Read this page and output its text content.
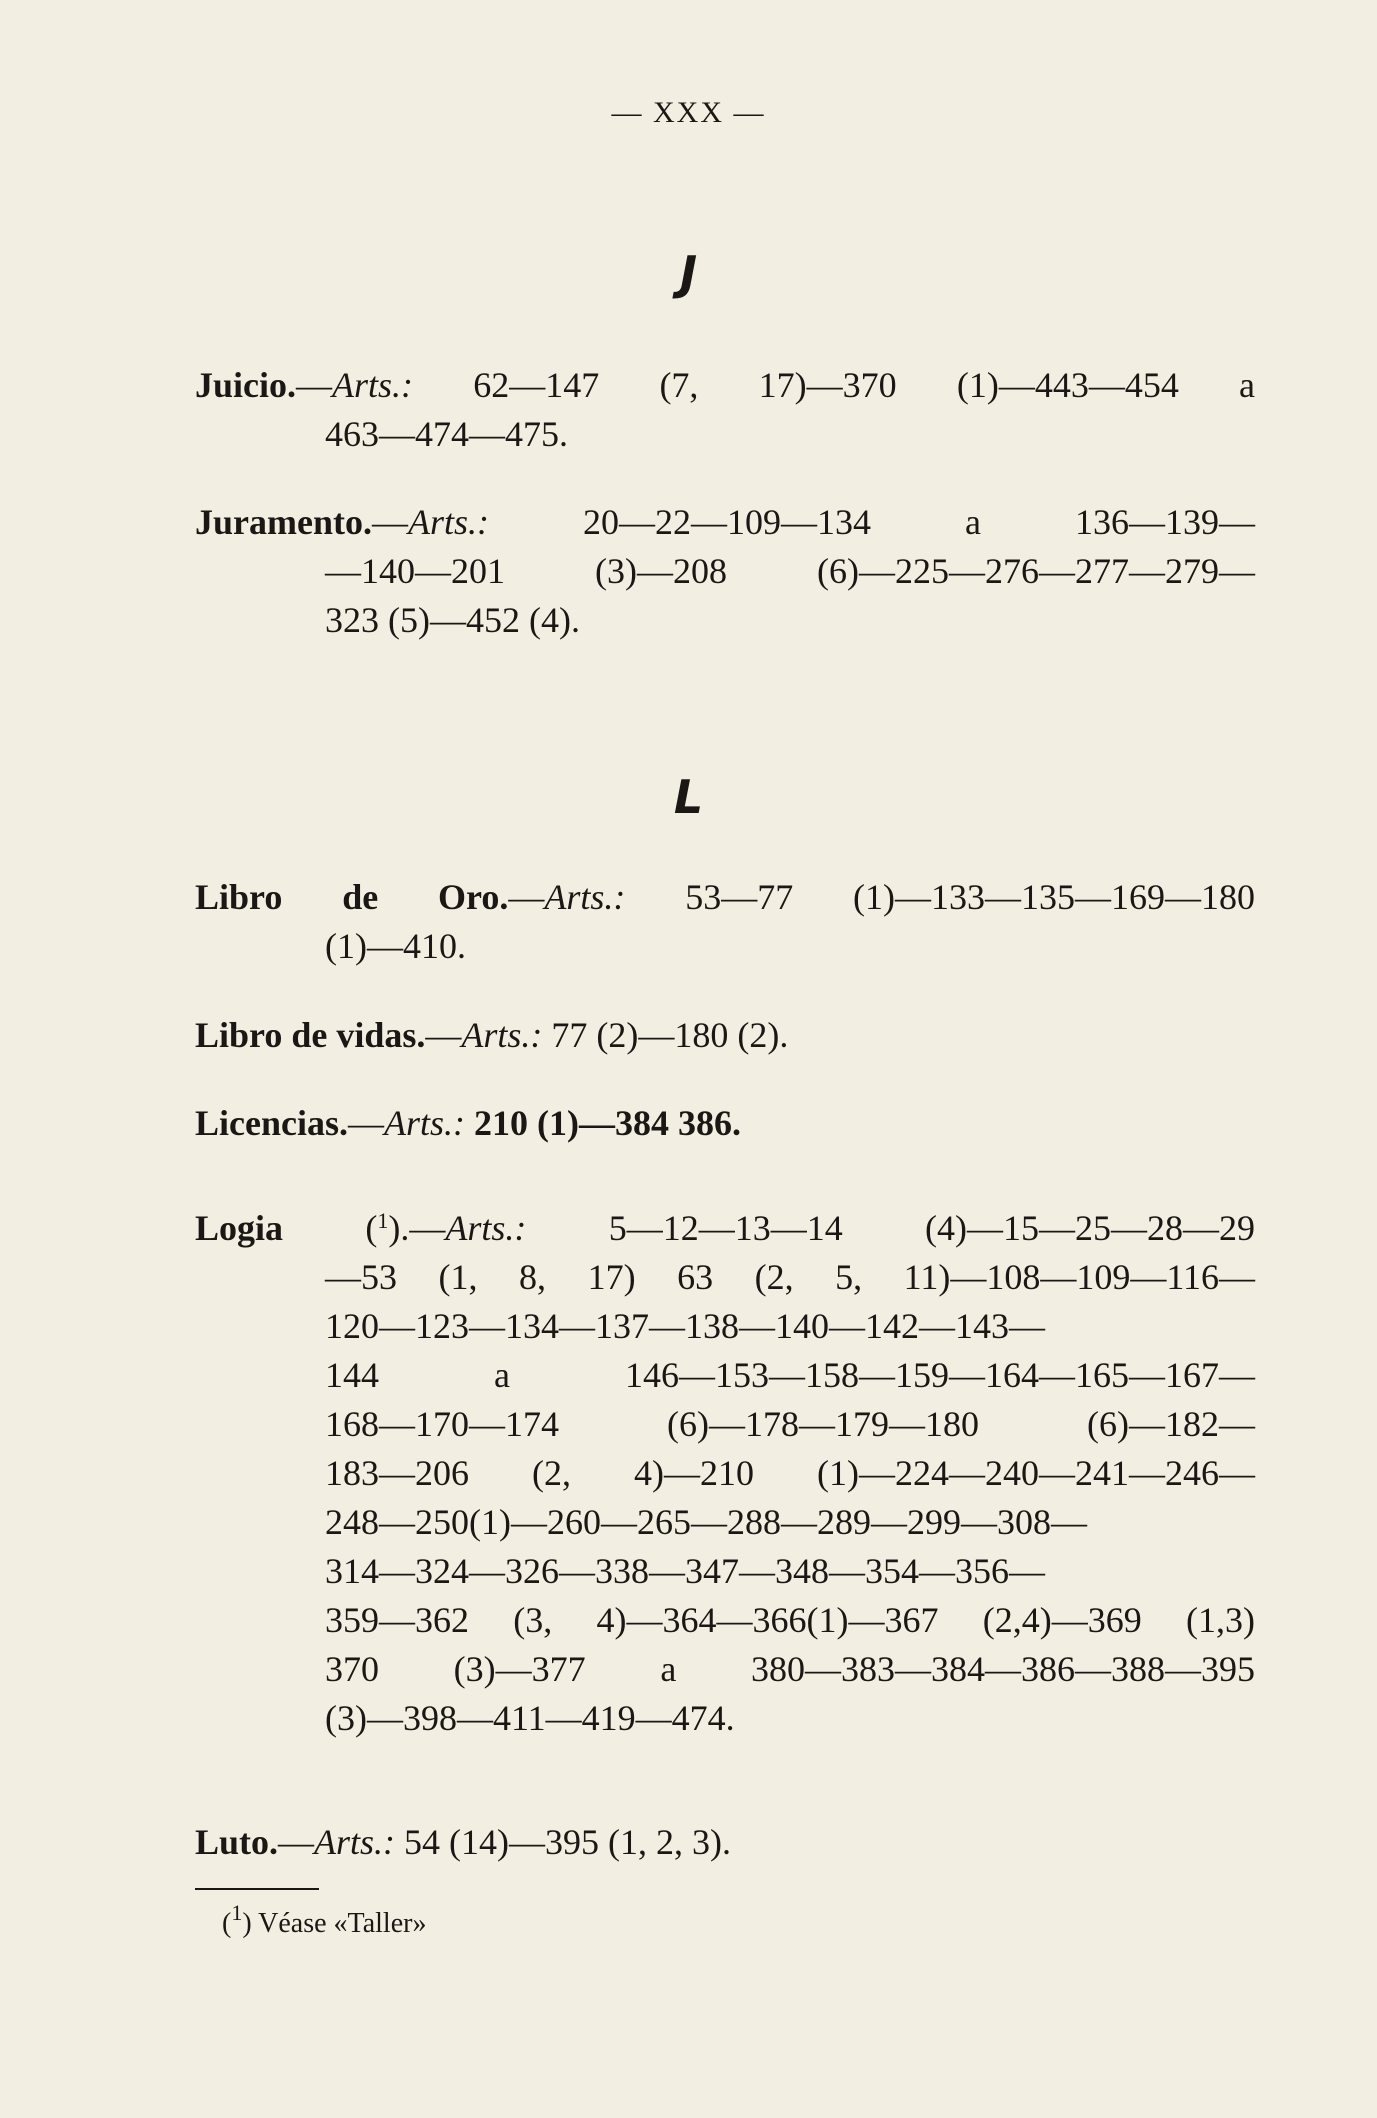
— XXX —
J
Juicio.—Arts.: 62—147 (7, 17)—370 (1)—443—454 a
463—474—475.
Juramento.—Arts.:	20—22—109—134 a 136—139—
—140—201 (3)—208 (6)—225—276—277—279—
323 (5)—452 (4).
L
Libro de Oro.—Arts.: 53—77 (1)—133—135—169—180
(1)—410.
Libro de vidas.—Arts.: 77 (2)—180 (2).
Licencias.—Arts.: 210 (1)—384 386.
Logia ($^1$).—Arts.: 5—12—13—14 (4)—15—25—28—29
—53 (1, 8, 17) 63 (2, 5, 11)—108—109—116—
120—123—134—137—138—140—142—143—
144 a 146—153—158—159—164—165—167—
168—170—174 (6)—178—179—180 (6)—182—
183—206 (2, 4)—210 (1)—224—240—241—246—
248—250(1)—260—265—288—289—299—308—
314—324—326—338—347—348—354—356—
359—362 (3, 4)—364—366(1)—367 (2,4)—369 (1,3)
370 (3)—377 a 380—383—384—386—388—395
(3)—398—411—419—474.
Luto.—Arts.: 54 (14)—395 (1, 2, 3).
($^1$) Véase «Taller»
